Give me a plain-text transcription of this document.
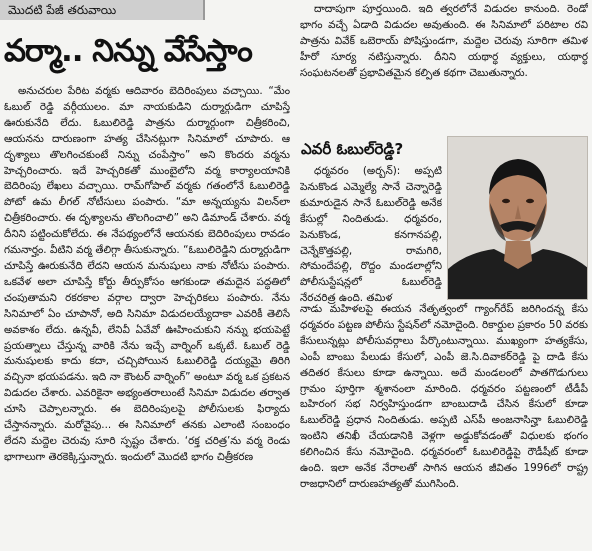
మొదటి పేజీ తరువాయి
వర్మా.. నిన్ను వేసేస్తాం

అనుచరుల పేరిట వర్మకు ఆదివారం బెదిరింపులు వచ్చాయి. “మేం ఓబుల్ రెడ్డి వర్గీయులం. మా నాయకుడిని దుర్మార్గుడిగా చూపిస్తే ఊరుకునేది లేదు. ఓబులిరెడ్డి పాత్రను దుర్మార్గుంగా చిత్రీకరించి, ఆయనను దారుణంగా హత్య చేసినట్లుగా సినిమాలో చూపారు. ఆ దృశ్యాలు తొలగించకుంటే నిన్ను చంపేస్తాం” అని కొందరు వర్మను హెచ్చరించారు. ఇదే హెచ్చరికతో ముంబైలోని వర్మ కార్యాలయానికి బెదిరింపు లేఖలు వచ్చాయి. రామ్‌గోపాల్ వర్మకు గతంలోనే ఓబులిరెడ్డి పోటో ఉమ లీగల్ నోటీసులు పంపారు. “మా అన్నయ్యను విలన్‌లా చిత్రీకరించారు. ఈ దృశ్యాలను తొలగించాలి” అని డిమాండ్ చేశారు. వర్మ దీనిని పట్టించుకోలేదు. ఈ నేపథ్యంలోనే ఆయనకు బెదిరింపులు రావడం గమనార్హం. వీటిని వర్మ తేలిగ్గా తీసుకున్నారు. “ఓబులిరెడ్డిని దుర్మార్గుడిగా చూపిస్తే ఊరుకునేది లేదని ఆయన మనుషులు నాకు నోటీసు పంపారు. ఒకవేళ అలా చూపిస్తే కోర్టు తీర్పుకోసం ఆగకుండా తమదైన పద్ధతిలో చంపుతామని రకరకాల వర్గాల ద్వారా హెచ్చరికలు పంపారు. నేను సినిమాలో ఏం చూపానో, అది సినిమా విడుదలయ్యేదాకా ఎవరికీ తెలిసే అవకాశం లేదు. ఉన్నవీ, లేనివీ ఏవేవో ఊహించుకుని నన్ను భయపెట్టే ప్రయత్నాలు చేస్తున్న వారికి నేను ఇచ్చే వార్నింగ్ ఒక్కటే. ఓబుల్ రెడ్డి మనుషులకు కాదు కదా, చచ్చిపోయిన ఓబులిరెడ్డి దయ్యమై తిరిగి వచ్చినా భయపడను. ఇది నా కౌంటర్ వార్నింగ్” అంటూ వర్మ ఒక ప్రకటన విడుదల చేశారు. ఎవరికైనా అభ్యంతరాలుంటే సినిమా విడుదల తర్వాత చూసి చెప్పాలన్నారు. ఈ బెదిరింపులపై పోలీసులకు ఫిర్యాదు చేస్తానన్నారు. మరోవైపు... ఈ సినిమాలో తనకు ఎలాంటి సంబంధం లేదని మద్దెల చెరువు సూరి స్పష్టం చేశారు. ‘రక్త చరిత్ర’ను వర్మ రెండు భాగాలుగా తెరకెక్కిస్తున్నారు. ఇందులో మొదటి భాగం చిత్రీకరణ

దాదాపుగా పూర్తయింది. ఇది త్వరలోనే విడుదల కానుంది. రెండో భాగం వచ్చే ఏడాది విడుదల అవుతుంది. ఈ సినిమాలో పరిటాల రవి పాత్రను వివేక్ ఒబెరాయ్ పోషిస్తుండగా, మద్దెల చెరువు సూరిగా తమిళ హీరో సూర్య నటిస్తున్నారు. దీనిని యథార్థ వ్యక్తులు, యథార్థ సంఘటనలతో ప్రభావితమైన కల్పిత కథగా చెబుతున్నారు.

ఎవరీ ఓబుల్‌రెడ్డి?

ధర్మవరం (అర్బన్): అప్పటి పెనుకొండ ఎమ్మెల్యే సానే చెన్నారెడ్డి కుమారుడైన సానే ఓబుల్‌రెడ్డి అనేక కేసుల్లో నిందితుడు. ధర్మవరం, పెనుకొండ, కనగానపల్లి, చెన్నేకొత్తపల్లి, రామగిరి, సోమందేపల్లి, రొద్దం మండలాల్లోని పోలీసుస్టేషన్లలో ఓబుల్‌రెడ్డి నేరచరిత్ర ఉంది. తమిళ

నాడు మహిళలపై ఈయన నేతృత్వంలో గ్యాంగ్‌రేప్ జరిగిందన్న కేసు ధర్మవరం పట్టణ పోలీసు స్టేషన్‌లో నమోదైంది. రికార్డుల ప్రకారం 50 వరకు కేసులున్నట్లు పోలీసువర్గాలు పేర్కొంటున్నాయి. ముఖ్యంగా హత్యకేసు, ఎంపీ బాంబు పేలుడు కేసులో, ఎంపీ జె.సి.దివాకర్‌రెడ్డి పై దాడి కేసు తదితర కేసులు కూడా ఉన్నాయి. అదే మండలంలో పాతగొడుగులు గ్రామం పూర్తిగా శ్మశానంలా మారింది. ధర్మవరం పట్టణంలో టీడీపీ బహిరంగ సభ నిర్వహిస్తుండగా బాంబుదాడి చేసిన కేసులో కూడా ఓబుల్‌రెడ్డి ప్రధాన నిందితుడు. అప్పటి ఎస్‌పీ అంజనాసిన్హా ఓబులిరెడ్డి ఇంటిని తనిఖీ చేయడానికి వెళ్లగా అడ్డుకోవడంతో విధులకు భంగం కలిగించిన కేసు నమోదైంది. ధర్మవరంలో ఓబులిరెడ్డిపై రౌడీషీట్ కూడా ఉంది. ఇలా అనేక నేరాలతో సాగిన ఆయన జీవితం 1996లో రాష్ట్ర రాజధానిలో దారుణహత్యతో ముగిసింది.
